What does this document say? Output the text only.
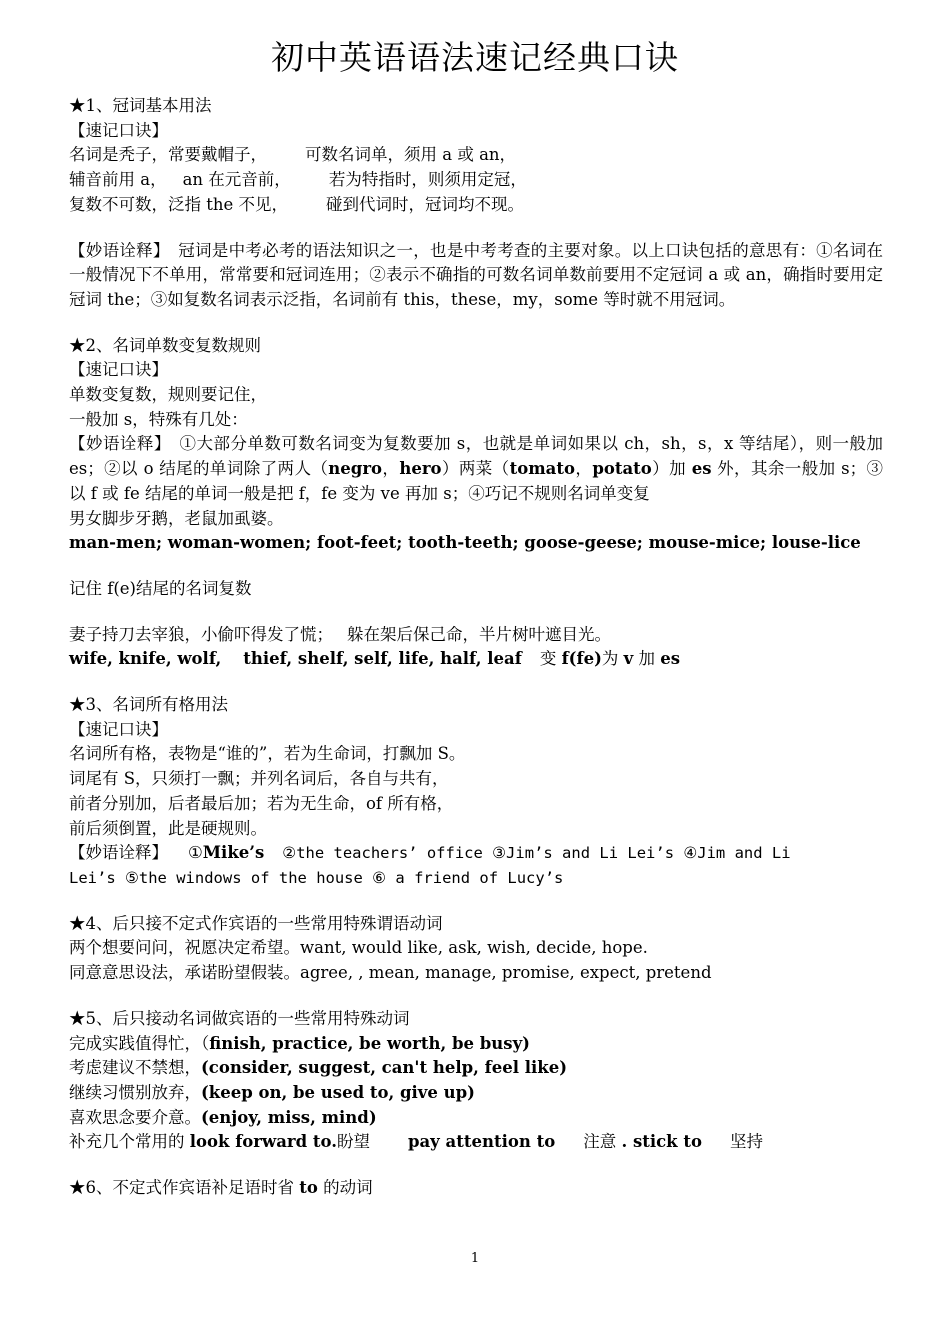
初中英语语法速记经典口诀
★1、冠词基本用法
【速记口诀】
名词是秃子，常要戴帽子， 可数名词单，须用 a 或 an，
辅音前用 a， an 在元音前， 若为特指时，则须用定冠，
复数不可数，泛指 the 不见， 碰到代词时，冠词均不现。
【妙语诠释】　冠词是中考必考的语法知识之一，也是中考考查的主要对象。以上口诀包括的意思有：①名词在一般情况下不单用，常常要和冠词连用；②表示不确指的可数名词单数前要用不定冠词 a 或 an，确指时要用定冠词 the；③如复数名词表示泛指，名词前有 this，these，my，some 等时就不用冠词。
★2、名词单数变复数规则
【速记口诀】
单数变复数，规则要记住，
一般加 s，特殊有几处：
【妙语诠释】　①大部分单数可数名词变为复数要加 s，也就是单词如果以 ch，sh，s，x 等结尾），则一般加 es；②以 o 结尾的单词除了两人（negro，hero）两菜（tomato，potato）加 es 外，其余一般加 s；③以 f 或 fe 结尾的单词一般是把 f，fe 变为 ve 再加 s；④巧记不规则名词单变复
男女脚步牙鹅，老鼠加虱婆。
man-men; woman-women; foot-feet; tooth-teeth; goose-geese; mouse-mice; louse-lice
记住 f(e)结尾的名词复数
妻子持刀去宰狼，小偷吓得发了慌； 躲在架后保己命，半片树叶遮目光。
wife, knife, wolf, thief, shelf, self, life, half, leaf 变 f(fe)为 v 加 es
★3、名词所有格用法
【速记口诀】
名词所有格，表物是“谁的”，若为生命词，打飘加 S。
词尾有 S，只须打一飘；并列名词后，各自与共有，
前者分别加，后者最后加；若为无生命，of 所有格，
前后须倒置，此是硬规则。
【妙语诠释】 ①Mike’s ②the teachers’ office ③Jim’s and Li Lei’s ④Jim and Li
Lei’s ⑤the windows of the house ⑥ a friend of Lucy’s
★4、后只接不定式作宾语的一些常用特殊谓语动词
两个想要问问，祝愿决定希望。want, would like, ask, wish, decide, hope.
同意意思设法，承诺盼望假装。agree, , mean, manage, promise, expect, pretend
★5、后只接动名词做宾语的一些常用特殊动词
完成实践值得忙，（finish, practice, be worth, be busy)
考虑建议不禁想，(consider, suggest, can't help, feel like)
继续习惯别放弃，(keep on, be used to, give up)
喜欢思念要介意。(enjoy, miss, mind)
补充几个常用的 look forward to.盼望 pay attention to 注意 . stick to 坚持
★6、不定式作宾语补足语时省 to 的动词
1
